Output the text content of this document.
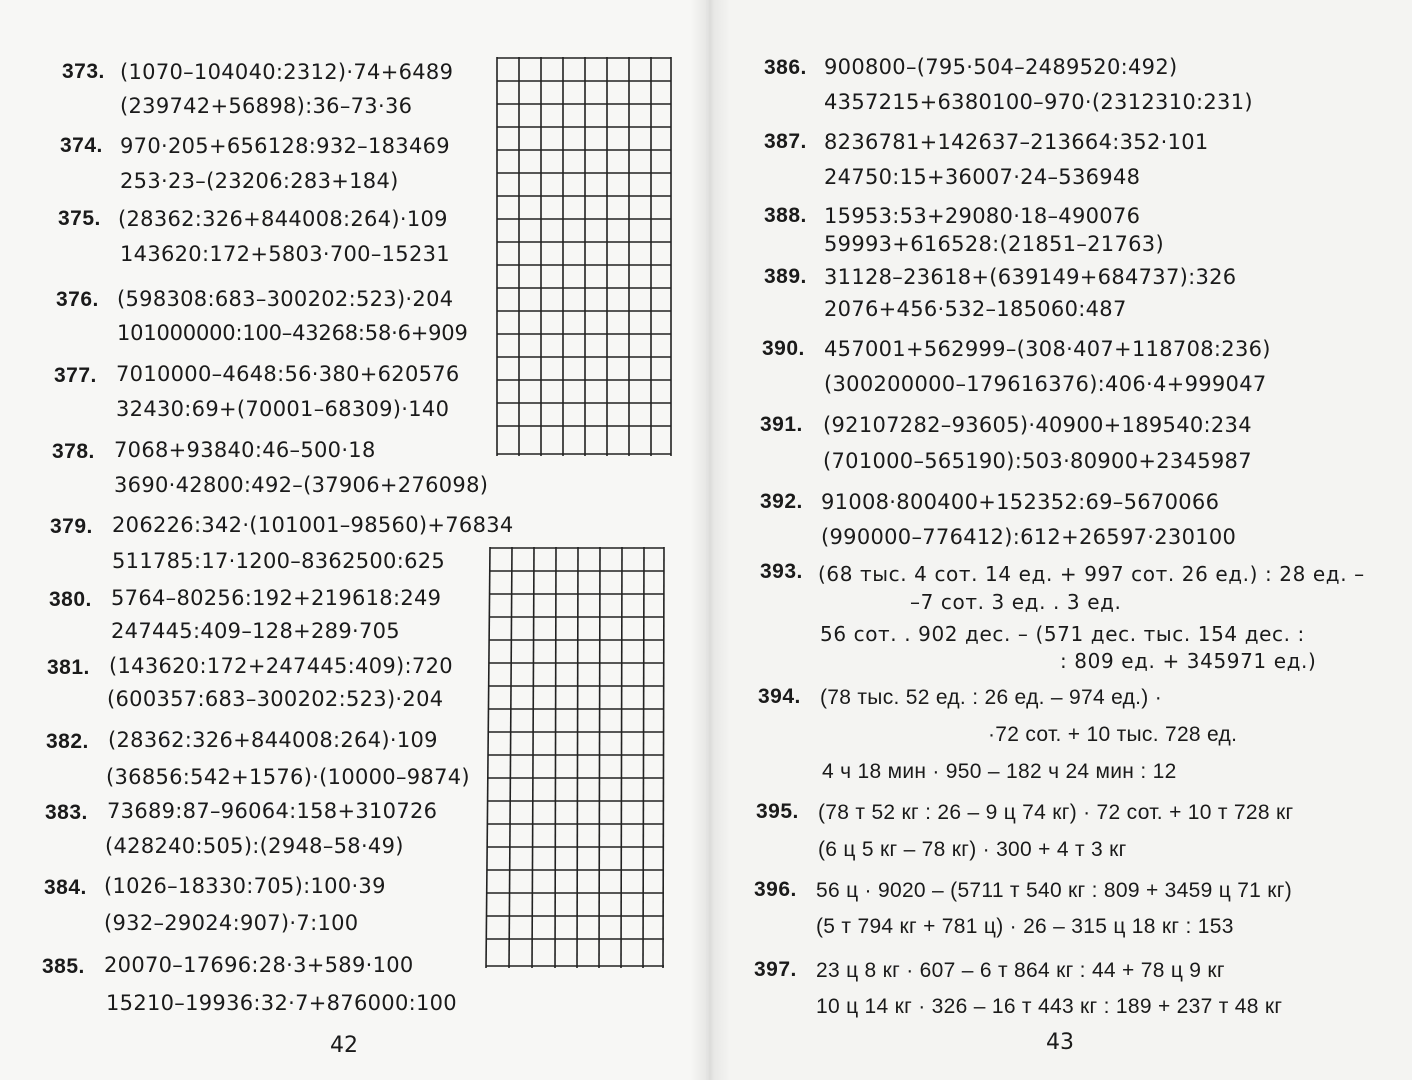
373. (1070–104040:2312)·74+6489
(239742+56898):36–73·36
374. 970·205+656128:932–183469
253·23–(23206:283+184)
375. (28362:326+844008:264)·109
143620:172+5803·700–15231
376. (598308:683–300202:523)·204
101000000:100–43268:58·6+909
377. 7010000–4648:56·380+620576
32430:69+(70001–68309)·140
378. 7068+93840:46–500·18
3690·42800:492–(37906+276098)
379. 206226:342·(101001–98560)+76834
511785:17·1200–8362500:625
380. 5764–80256:192+219618:249
247445:409–128+289·705
381. (143620:172+247445:409):720
(600357:683–300202:523)·204
382. (28362:326+844008:264)·109
(36856:542+1576)·(10000–9874)
383. 73689:87–96064:158+310726
(428240:505):(2948–58·49)
384. (1026–18330:705):100·39
(932–29024:907)·7:100
385. 20070–17696:28·3+589·100
15210–19936:32·7+876000:100
42
386. 900800–(795·504–2489520:492)
4357215+6380100–970·(2312310:231)
387. 8236781+142637–213664:352·101
24750:15+36007·24–536948
388. 15953:53+29080·18–490076
59993+616528:(21851–21763)
389. 31128–23618+(639149+684737):326
2076+456·532–185060:487
390. 457001+562999–(308·407+118708:236)
(300200000–179616376):406·4+999047
391. (92107282–93605)·40900+189540:234
(701000–565190):503·80900+2345987
392. 91008·800400+152352:69–5670066
(990000–776412):612+26597·230100
393. (68 тыс. 4 сот. 14 ед. + 997 сот. 26 ед.) : 28 ед. –
–7 сот. 3 ед. . 3 ед.
56 сот. . 902 дес. – (571 дес. тыс. 154 дес. :
: 809 ед. + 345971 ед.)
394. (78 тыс. 52 ед. : 26 ед. – 974 ед.) ·
·72 сот. + 10 тыс. 728 ед.
4 ч 18 мин · 950 – 182 ч 24 мин : 12
395. (78 т 52 кг : 26 – 9 ц 74 кг) · 72 сот. + 10 т 728 кг
(6 ц 5 кг – 78 кг) · 300 + 4 т 3 кг
396. 56 ц · 9020 – (5711 т 540 кг : 809 + 3459 ц 71 кг)
(5 т 794 кг + 781 ц) · 26 – 315 ц 18 кг : 153
397. 23 ц 8 кг · 607 – 6 т 864 кг : 44 + 78 ц 9 кг
10 ц 14 кг · 326 – 16 т 443 кг : 189 + 237 т 48 кг
43
